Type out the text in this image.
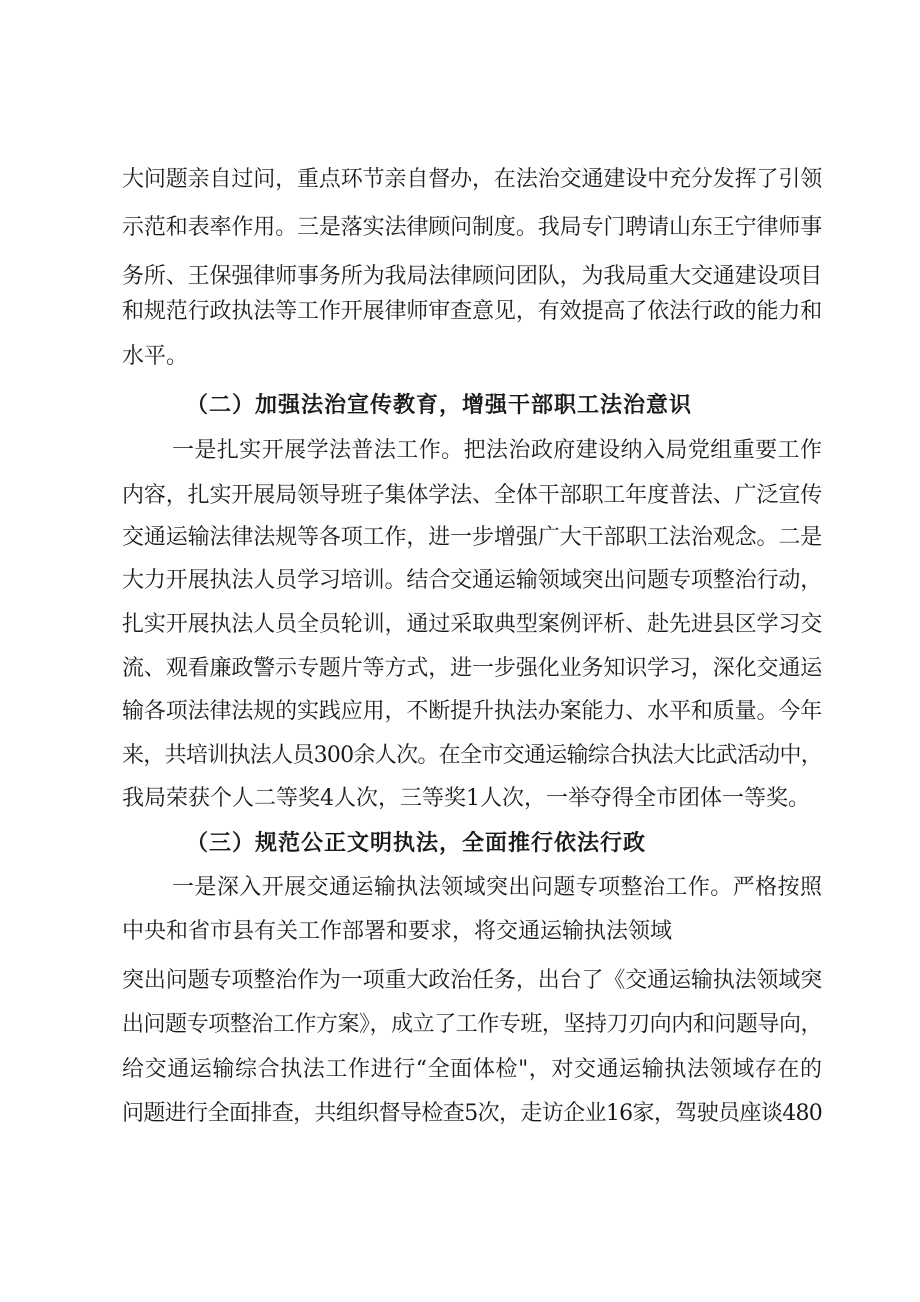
大问题亲自过问，重点环节亲自督办，在法治交通建设中充分发挥了引领
示范和表率作用。三是落实法律顾问制度。我局专门聘请山东王宁律师事
务所、王保强律师事务所为我局法律顾问团队，为我局重大交通建设项目
和规范行政执法等工作开展律师审查意见，有效提高了依法行政的能力和
水平。
（二）加强法治宣传教育，增强干部职工法治意识
一是扎实开展学法普法工作。把法治政府建设纳入局党组重要工作
内容，扎实开展局领导班子集体学法、全体干部职工年度普法、广泛宣传
交通运输法律法规等各项工作，进一步增强广大干部职工法治观念。二是
大力开展执法人员学习培训。结合交通运输领域突出问题专项整治行动，
扎实开展执法人员全员轮训，通过采取典型案例评析、赴先进县区学习交
流、观看廉政警示专题片等方式，进一步强化业务知识学习，深化交通运
输各项法律法规的实践应用，不断提升执法办案能力、水平和质量。今年
来，共培训执法人员300余人次。在全市交通运输综合执法大比武活动中，
我局荣获个人二等奖4人次，三等奖1人次，一举夺得全市团体一等奖。
（三）规范公正文明执法，全面推行依法行政
一是深入开展交通运输执法领域突出问题专项整治工作。严格按照
中央和省市县有关工作部署和要求，将交通运输执法领域
突出问题专项整治作为一项重大政治任务，出台了《交通运输执法领域突
出问题专项整治工作方案》，成立了工作专班，坚持刀刃向内和问题导向，
给交通运输综合执法工作进行“全面体检"，对交通运输执法领域存在的
问题进行全面排查，共组织督导检查5次，走访企业16家，驾驶员座谈480
